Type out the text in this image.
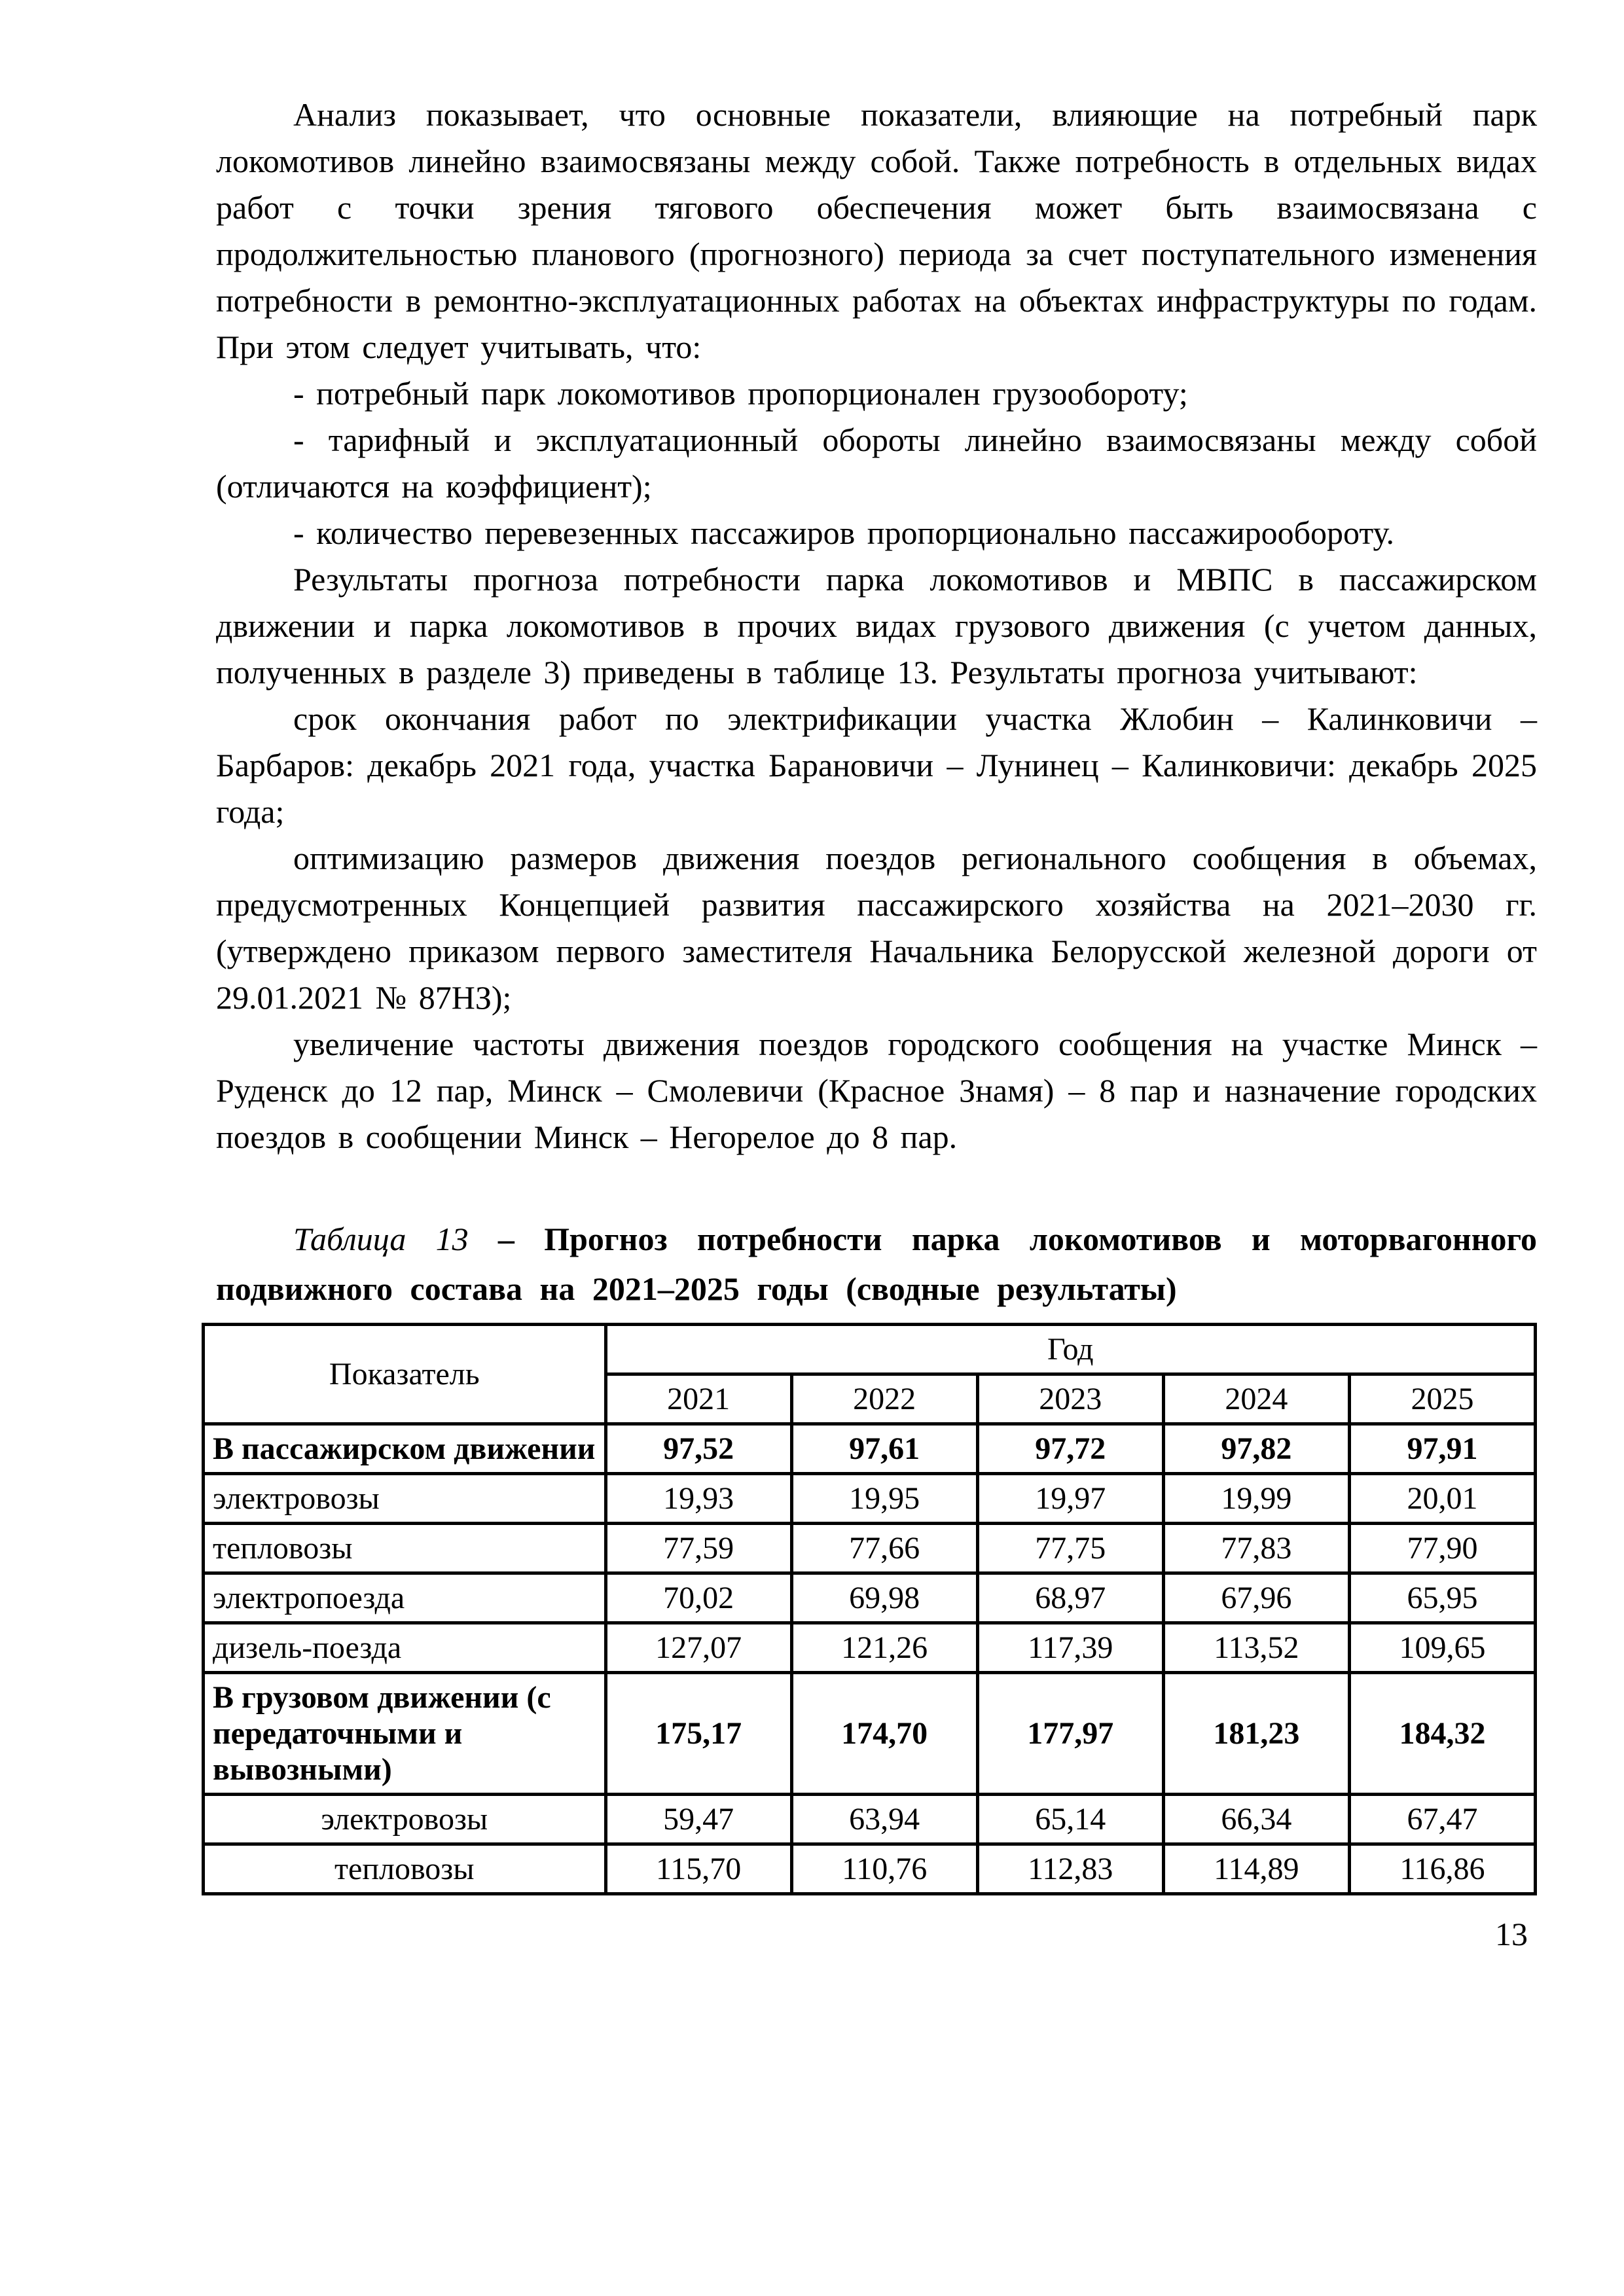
Анализ показывает, что основные показатели, влияющие на потребный парк локомотивов линейно взаимосвязаны между собой. Также потребность в отдельных видах работ с точки зрения тягового обеспечения может быть взаимосвязана с продолжительностью планового (прогнозного) периода за счет поступательного изменения потребности в ремонтно-эксплуатационных работах на объектах инфраструктуры по годам. При этом следует учитывать, что:

- потребный парк локомотивов пропорционален грузообороту;

- тарифный и эксплуатационный обороты линейно взаимосвязаны между собой (отличаются на коэффициент);

- количество перевезенных пассажиров пропорционально пассажирообороту.

Результаты прогноза потребности парка локомотивов и МВПС в пассажирском движении и парка локомотивов в прочих видах грузового движения (с учетом данных, полученных в разделе 3) приведены в таблице 13. Результаты прогноза учитывают:

срок окончания работ по электрификации участка Жлобин – Калинковичи – Барбаров: декабрь 2021 года, участка Барановичи – Лунинец – Калинковичи: декабрь 2025 года;

оптимизацию размеров движения поездов регионального сообщения в объемах, предусмотренных Концепцией развития пассажирского хозяйства на 2021–2030 гг. (утверждено приказом первого заместителя Начальника Белорусской железной дороги от 29.01.2021 № 87НЗ);

увеличение частоты движения поездов городского сообщения на участке Минск – Руденск до 12 пар, Минск – Смолевичи (Красное Знамя) – 8 пар и назначение городских поездов в сообщении Минск – Негорелое до 8 пар.

Таблица 13 – Прогноз потребности парка локомотивов и моторвагонного подвижного состава на 2021–2025 годы (сводные результаты)

Показатель	Год				
	2021	2022	2023	2024	2025
В пассажирском движении	97,52	97,61	97,72	97,82	97,91
электровозы	19,93	19,95	19,97	19,99	20,01
тепловозы	77,59	77,66	77,75	77,83	77,90
электропоезда	70,02	69,98	68,97	67,96	65,95
дизель-поезда	127,07	121,26	117,39	113,52	109,65
В грузовом движении (с передаточными и вывозными)	175,17	174,70	177,97	181,23	184,32
электровозы	59,47	63,94	65,14	66,34	67,47
тепловозы	115,70	110,76	112,83	114,89	116,86
13
